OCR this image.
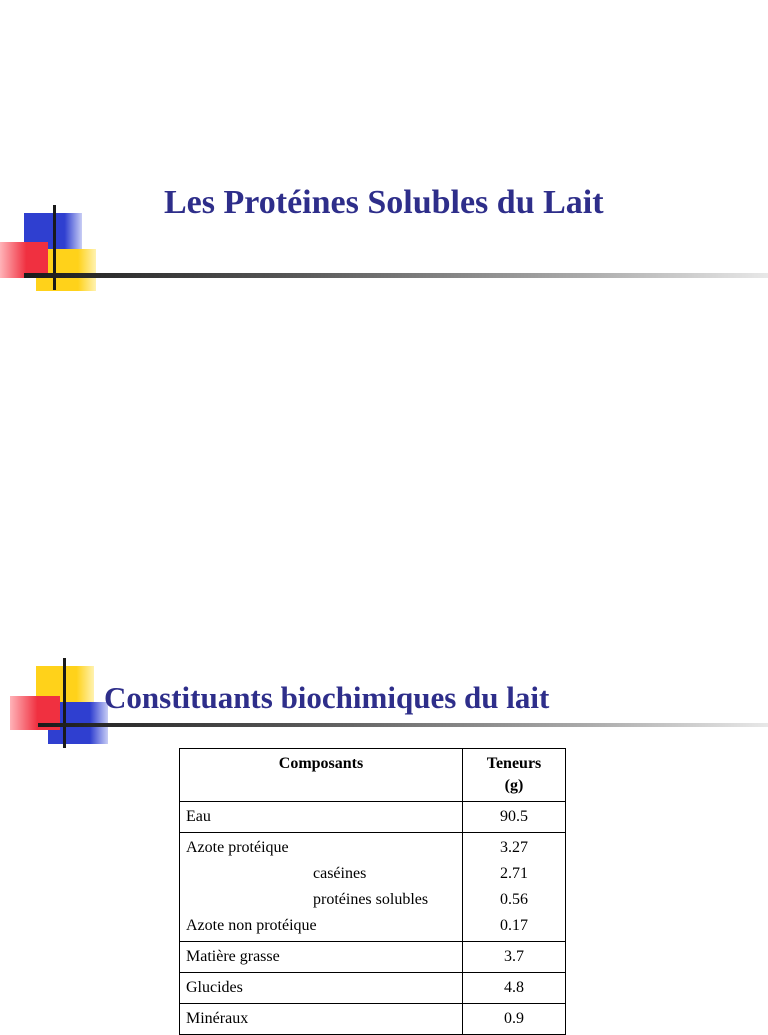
Les Protéines Solubles du Lait
Constituants biochimiques du lait
Composants	Teneurs
(g)
Eau	90.5
Azote protéique	3.27
caséines	2.71
protéines solubles	0.56
Azote non protéique	0.17
Matière grasse	3.7
Glucides	4.8
Minéraux	0.9
